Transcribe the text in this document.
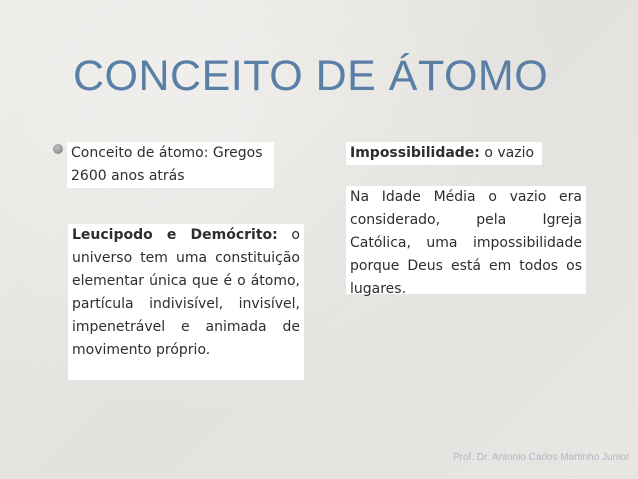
CONCEITO DE ÁTOMO
Conceito de átomo: Gregos 2600 anos atrás
Leucipodo e Demócrito: o universo tem uma constituição elementar única que é o átomo, partícula indivisível, invisível, impenetrável e animada de movimento próprio.
Impossibilidade: o vazio
Na Idade Média o vazio era considerado, pela Igreja Católica, uma impossibilidade porque Deus está em todos os lugares.
Prof. Dr. Antonio Carlos Martinho Junior
